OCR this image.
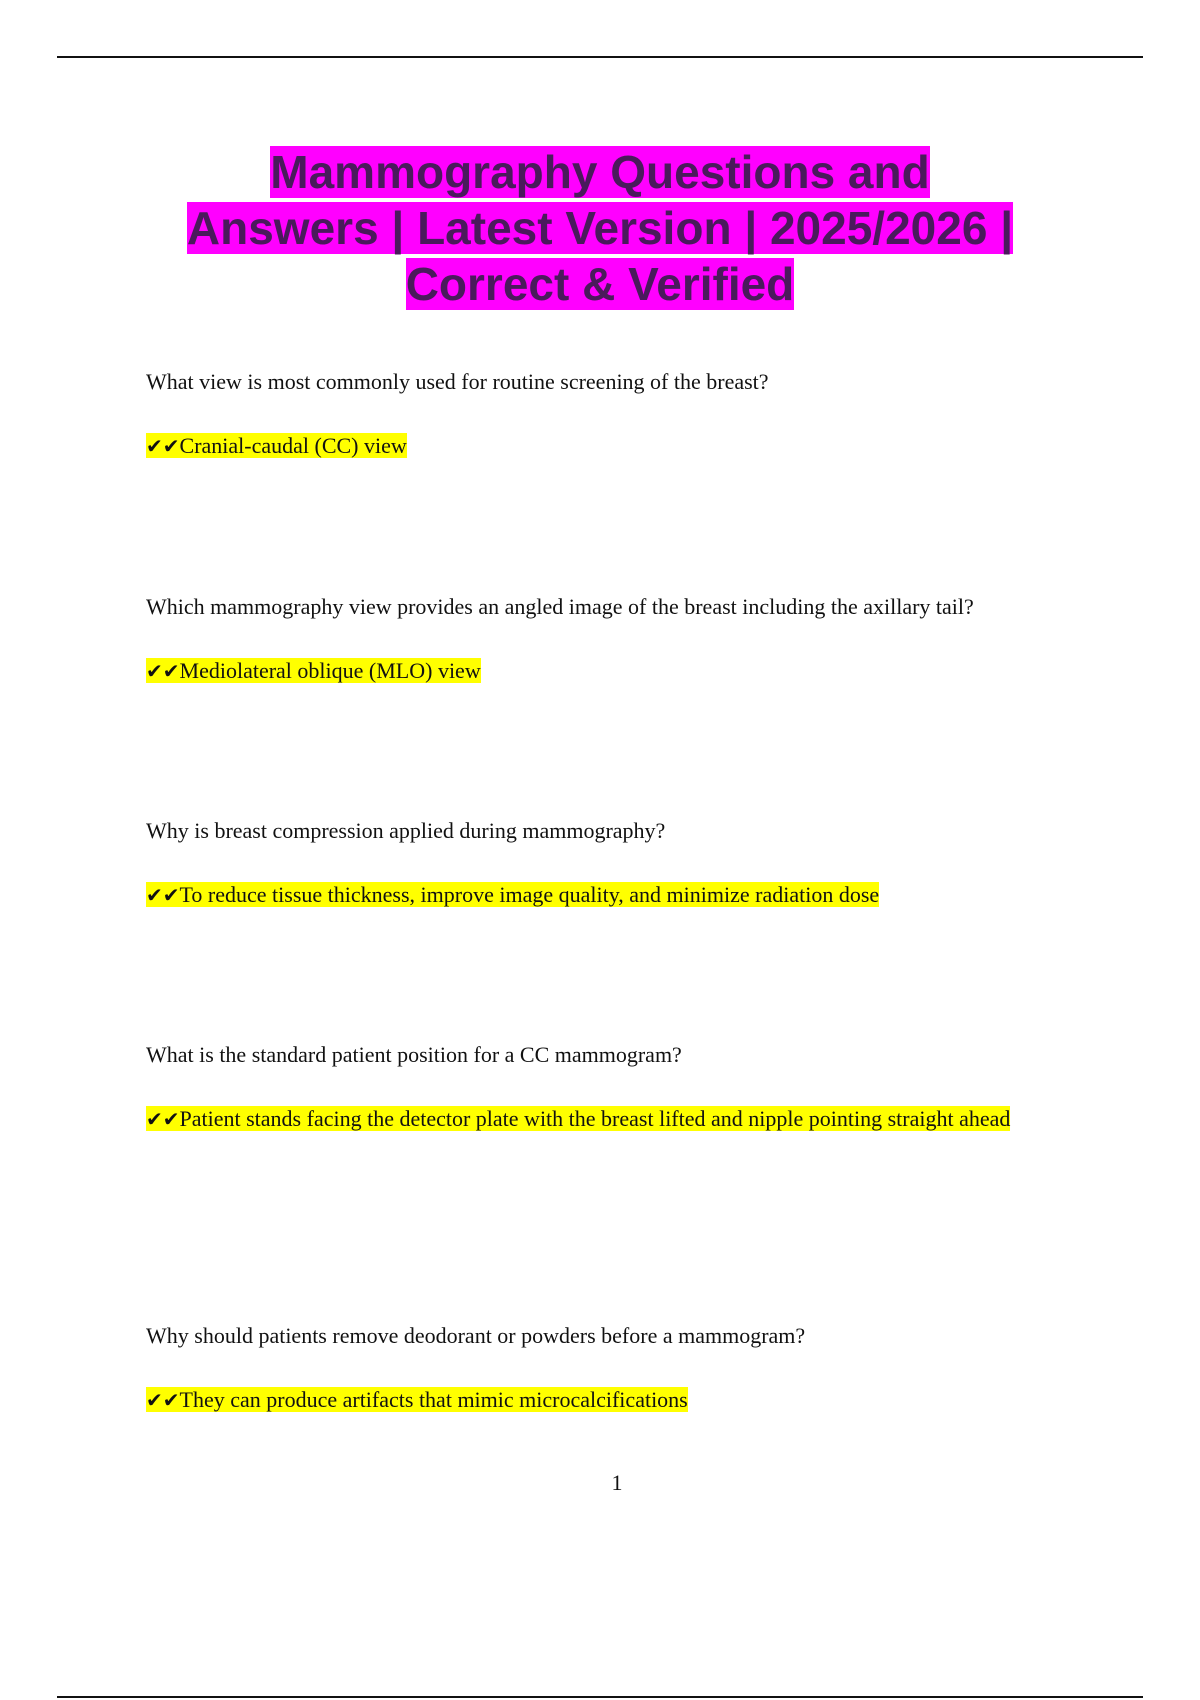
Mammography Questions and
Answers | Latest Version | 2025/2026 |
Correct & Verified
What view is most commonly used for routine screening of the breast?
✔✔Cranial-caudal (CC) view
Which mammography view provides an angled image of the breast including the axillary tail?
✔✔Mediolateral oblique (MLO) view
Why is breast compression applied during mammography?
✔✔To reduce tissue thickness, improve image quality, and minimize radiation dose
What is the standard patient position for a CC mammogram?
✔✔Patient stands facing the detector plate with the breast lifted and nipple pointing straight ahead
Why should patients remove deodorant or powders before a mammogram?
✔✔They can produce artifacts that mimic microcalcifications
1
